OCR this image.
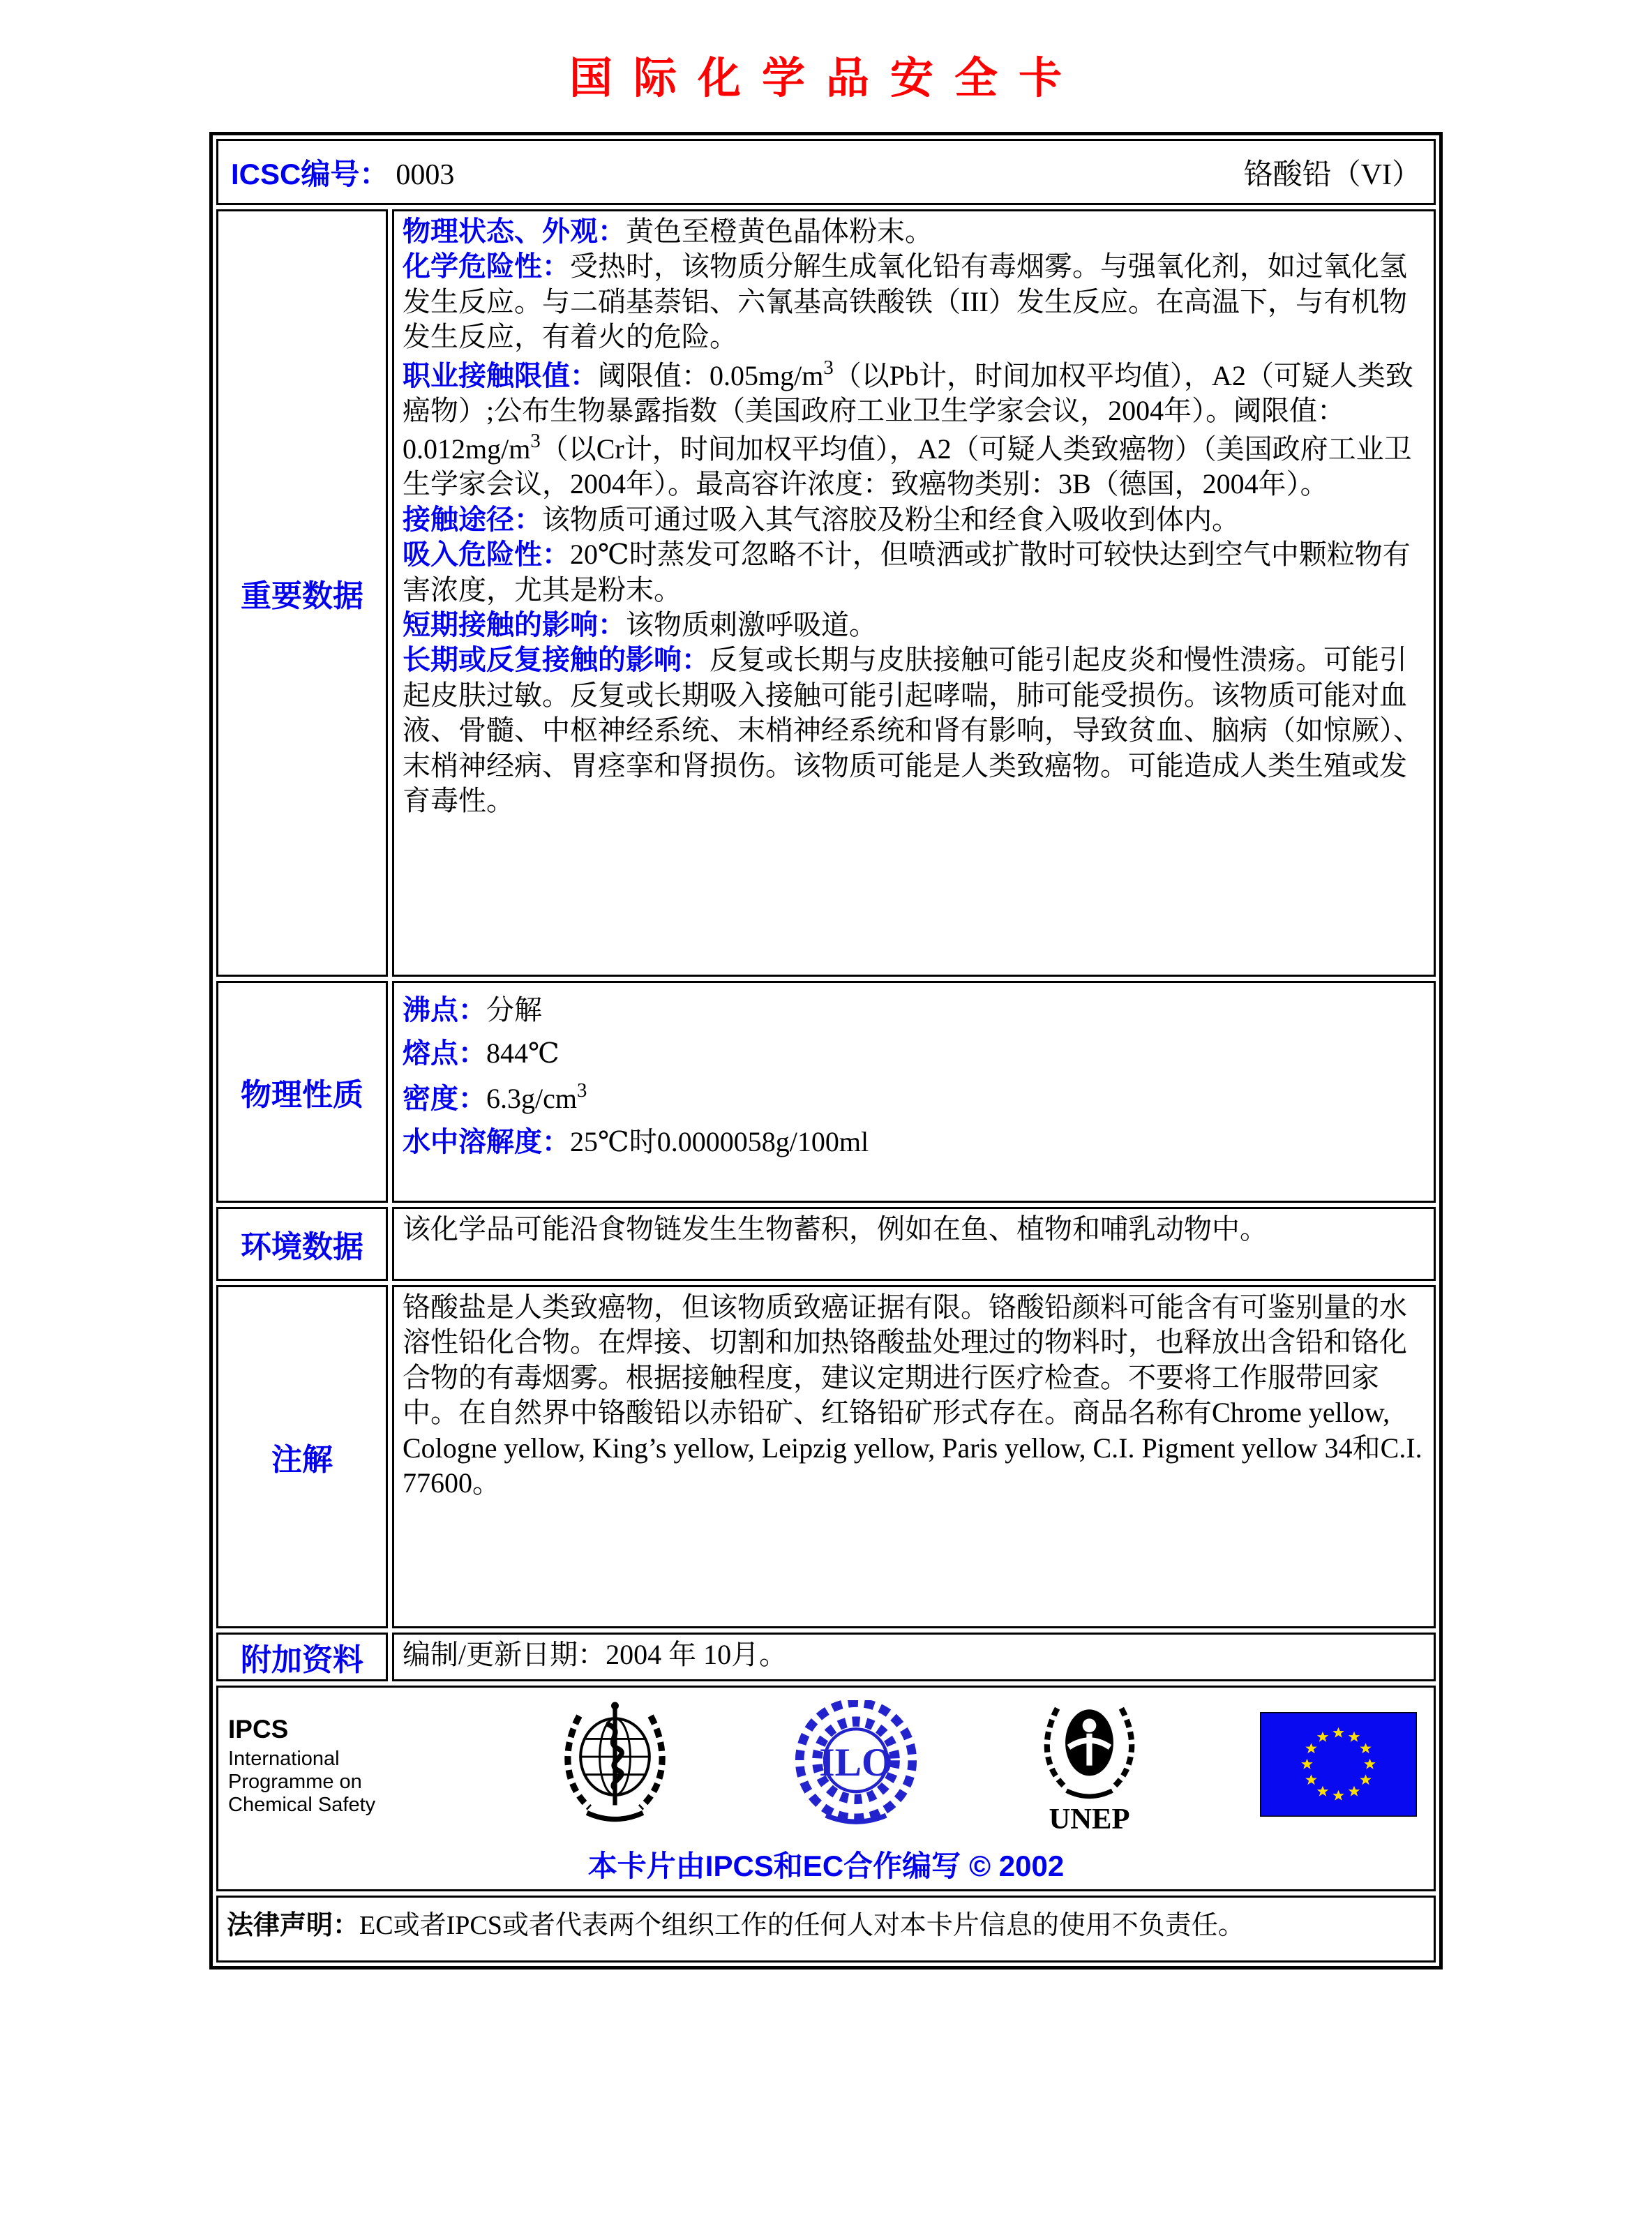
国际化学品安全卡
ICSC编号： 0003	铬酸铅（VI）
重要数据

物理状态、外观：黄色至橙黄色晶体粉末。

化学危险性：受热时，该物质分解生成氧化铅有毒烟雾。与强氧化剂，如过氧化氢发生反应。与二硝基萘铝、六氰基高铁酸铁（III）发生反应。在高温下，与有机物发生反应，有着火的危险。

职业接触限值：阈限值：$0.05mg/m^3$（以Pb计，时间加权平均值），A2（可疑人类致癌物）;公布生物暴露指数（美国政府工业卫生学家会议，2004年）。阈限值：$0.012mg/m^3$（以Cr计，时间加权平均值），A2（可疑人类致癌物）（美国政府工业卫生学家会议，2004年）。最高容许浓度：致癌物类别：3B（德国，2004年）。

接触途径：该物质可通过吸入其气溶胶及粉尘和经食入吸收到体内。

吸入危险性：20℃时蒸发可忽略不计，但喷洒或扩散时可较快达到空气中颗粒物有害浓度，尤其是粉末。

短期接触的影响：该物质刺激呼吸道。

长期或反复接触的影响：反复或长期与皮肤接触可能引起皮炎和慢性溃疡。可能引起皮肤过敏。反复或长期吸入接触可能引起哮喘，肺可能受损伤。该物质可能对血液、骨髓、中枢神经系统、末梢神经系统和肾有影响，导致贫血、脑病（如惊厥）、末梢神经病、胃痉挛和肾损伤。该物质可能是人类致癌物。可能造成人类生殖或发育毒性。

物理性质

沸点：分解

熔点：844℃

密度：$6.3g/cm^3$

水中溶解度：25℃时0.0000058g/100ml

环境数据

该化学品可能沿食物链发生生物蓄积，例如在鱼、植物和哺乳动物中。

注解

铬酸盐是人类致癌物，但该物质致癌证据有限。铬酸铅颜料可能含有可鉴别量的水溶性铅化合物。在焊接、切割和加热铬酸盐处理过的物料时，也释放出含铅和铬化合物的有毒烟雾。根据接触程度，建议定期进行医疗检查。不要将工作服带回家中。在自然界中铬酸铅以赤铅矿、红铬铅矿形式存在。商品名称有Chrome yellow, Cologne yellow, King’s yellow, Leipzig yellow, Paris yellow, C.I. Pigment yellow 34和C.I. 77600。

附加资料	编制/更新日期：2004 年 10月。

IPCS
International
Programme on
Chemical Safety
ILO
UNEP
本卡片由IPCS和EC合作编写 © 2002
法律声明：EC或者IPCS或者代表两个组织工作的任何人对本卡片信息的使用不负责任。
